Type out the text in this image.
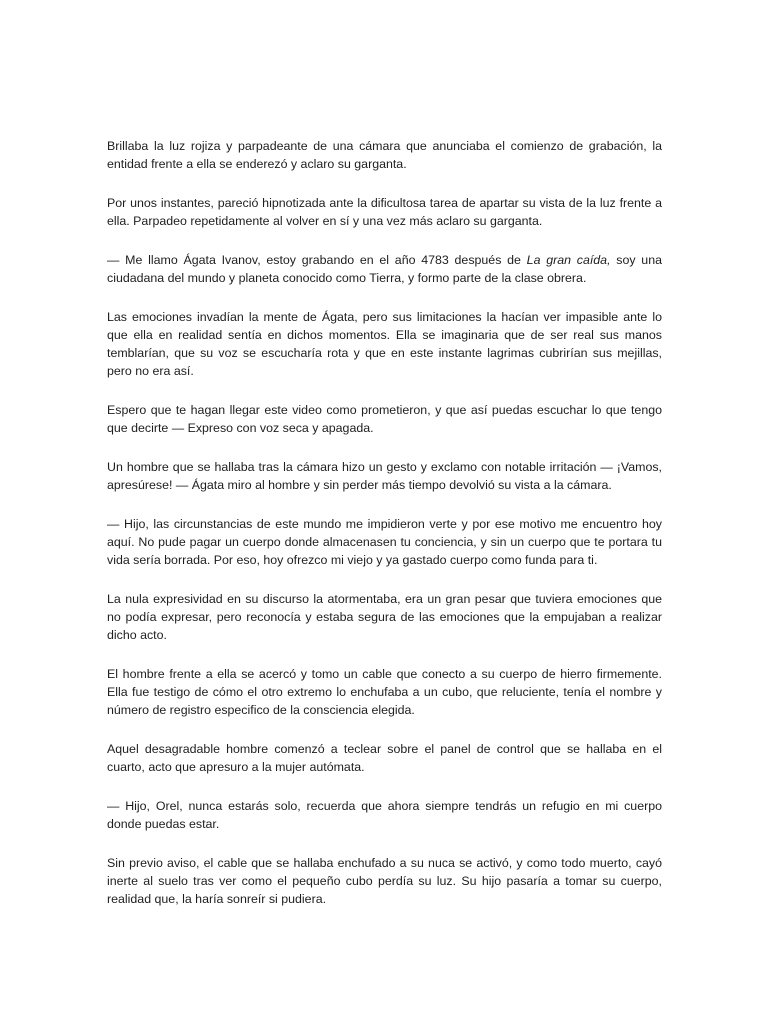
Brillaba la luz rojiza y parpadeante de una cámara que anunciaba el comienzo de grabación, la entidad frente a ella se enderezó y aclaro su garganta.

Por unos instantes, pareció hipnotizada ante la dificultosa tarea de apartar su vista de la luz frente a ella. Parpadeo repetidamente al volver en sí y una vez más aclaro su garganta.

— Me llamo Ágata Ivanov, estoy grabando en el año 4783 después de La gran caída, soy una ciudadana del mundo y planeta conocido como Tierra, y formo parte de la clase obrera.

Las emociones invadían la mente de Ágata, pero sus limitaciones la hacían ver impasible ante lo que ella en realidad sentía en dichos momentos. Ella se imaginaria que de ser real sus manos temblarían, que su voz se escucharía rota y que en este instante lagrimas cubrirían sus mejillas, pero no era así.

Espero que te hagan llegar este video como prometieron, y que así puedas escuchar lo que tengo que decirte — Expreso con voz seca y apagada.

Un hombre que se hallaba tras la cámara hizo un gesto y exclamo con notable irritación — ¡Vamos, apresúrese! — Ágata miro al hombre y sin perder más tiempo devolvió su vista a la cámara.

— Hijo, las circunstancias de este mundo me impidieron verte y por ese motivo me encuentro hoy aquí. No pude pagar un cuerpo donde almacenasen tu conciencia, y sin un cuerpo que te portara tu vida sería borrada. Por eso, hoy ofrezco mi viejo y ya gastado cuerpo como funda para ti.

La nula expresividad en su discurso la atormentaba, era un gran pesar que tuviera emociones que no podía expresar, pero reconocía y estaba segura de las emociones que la empujaban a realizar dicho acto.

El hombre frente a ella se acercó y tomo un cable que conecto a su cuerpo de hierro firmemente. Ella fue testigo de cómo el otro extremo lo enchufaba a un cubo, que reluciente, tenía el nombre y número de registro especifico de la consciencia elegida.

Aquel desagradable hombre comenzó a teclear sobre el panel de control que se hallaba en el cuarto, acto que apresuro a la mujer autómata.

— Hijo, Orel, nunca estarás solo, recuerda que ahora siempre tendrás un refugio en mi cuerpo donde puedas estar.

Sin previo aviso, el cable que se hallaba enchufado a su nuca se activó, y como todo muerto, cayó inerte al suelo tras ver como el pequeño cubo perdía su luz. Su hijo pasaría a tomar su cuerpo, realidad que, la haría sonreír si pudiera.
